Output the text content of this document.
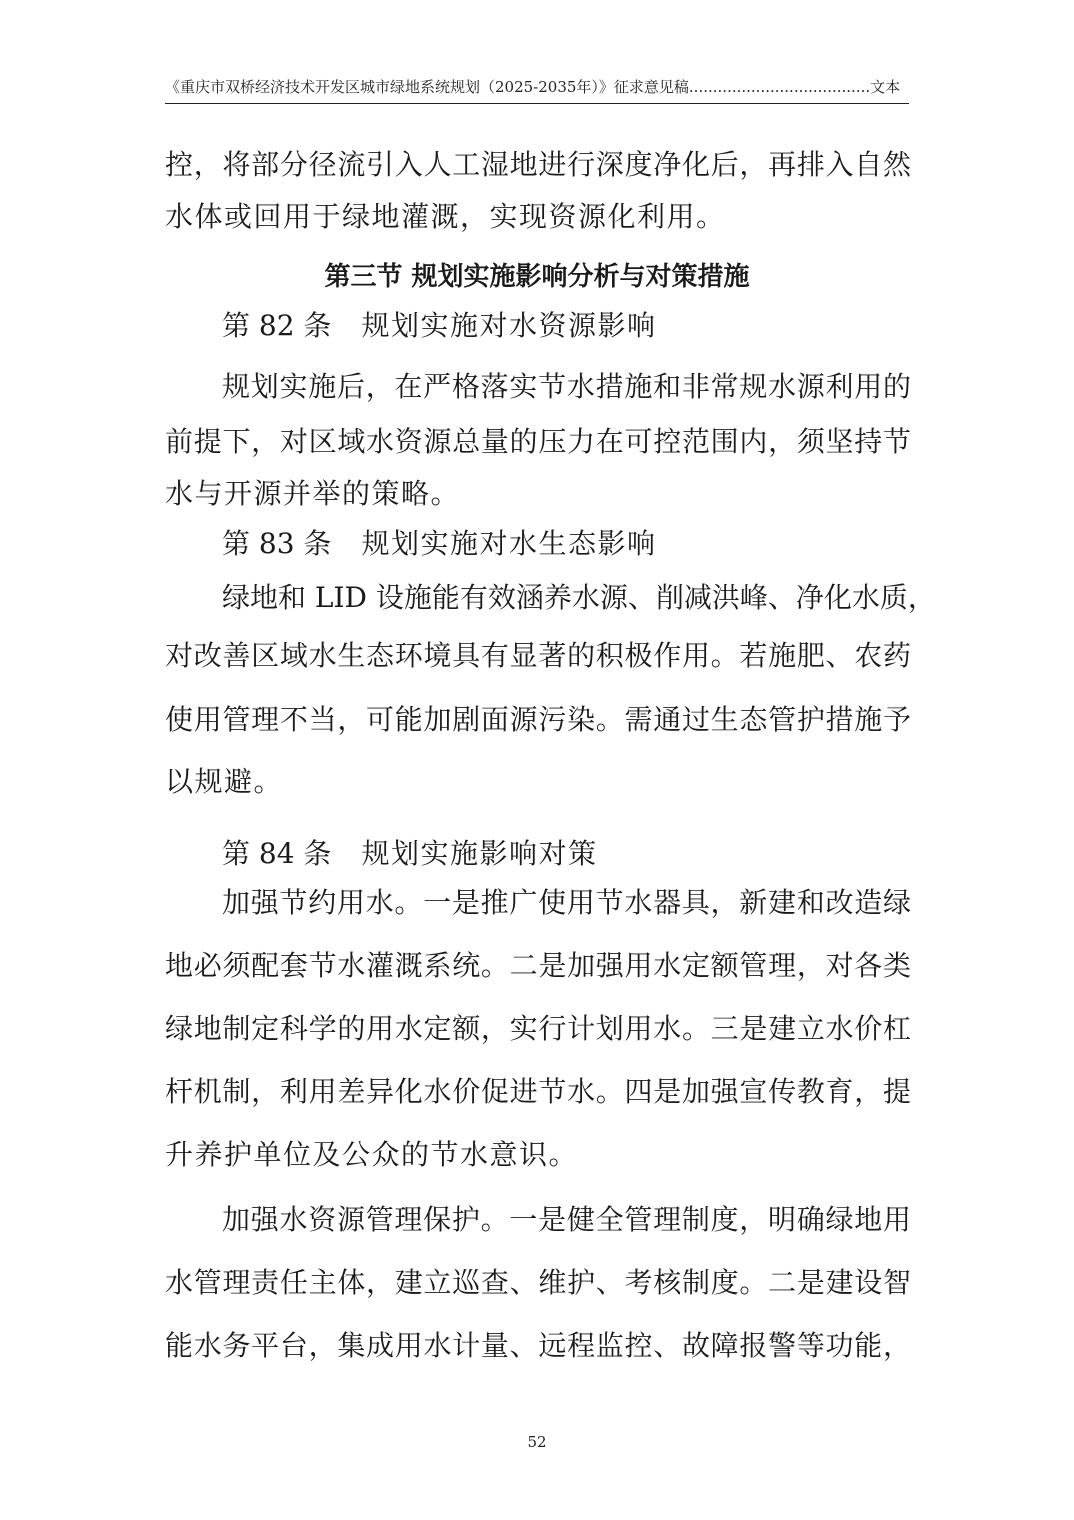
《重庆市双桥经济技术开发区城市绿地系统规划（2025-2035年）》征求意见稿......................................文本
控，将部分径流引入人工湿地进行深度净化后，再排入自然
水体或回用于绿地灌溉，实现资源化利用。
第三节 规划实施影响分析与对策措施
第 82 条 规划实施对水资源影响
规划实施后，在严格落实节水措施和非常规水源利用的
前提下，对区域水资源总量的压力在可控范围内，须坚持节
水与开源并举的策略。
第 83 条 规划实施对水生态影响
绿地和 LID 设施能有效涵养水源、削减洪峰、净化水质，
对改善区域水生态环境具有显著的积极作用。若施肥、农药
使用管理不当，可能加剧面源污染。需通过生态管护措施予
以规避。
第 84 条 规划实施影响对策
加强节约用水。一是推广使用节水器具，新建和改造绿
地必须配套节水灌溉系统。二是加强用水定额管理，对各类
绿地制定科学的用水定额，实行计划用水。三是建立水价杠
杆机制，利用差异化水价促进节水。四是加强宣传教育，提
升养护单位及公众的节水意识。
加强水资源管理保护。一是健全管理制度，明确绿地用
水管理责任主体，建立巡查、维护、考核制度。二是建设智
能水务平台，集成用水计量、远程监控、故障报警等功能，
52
